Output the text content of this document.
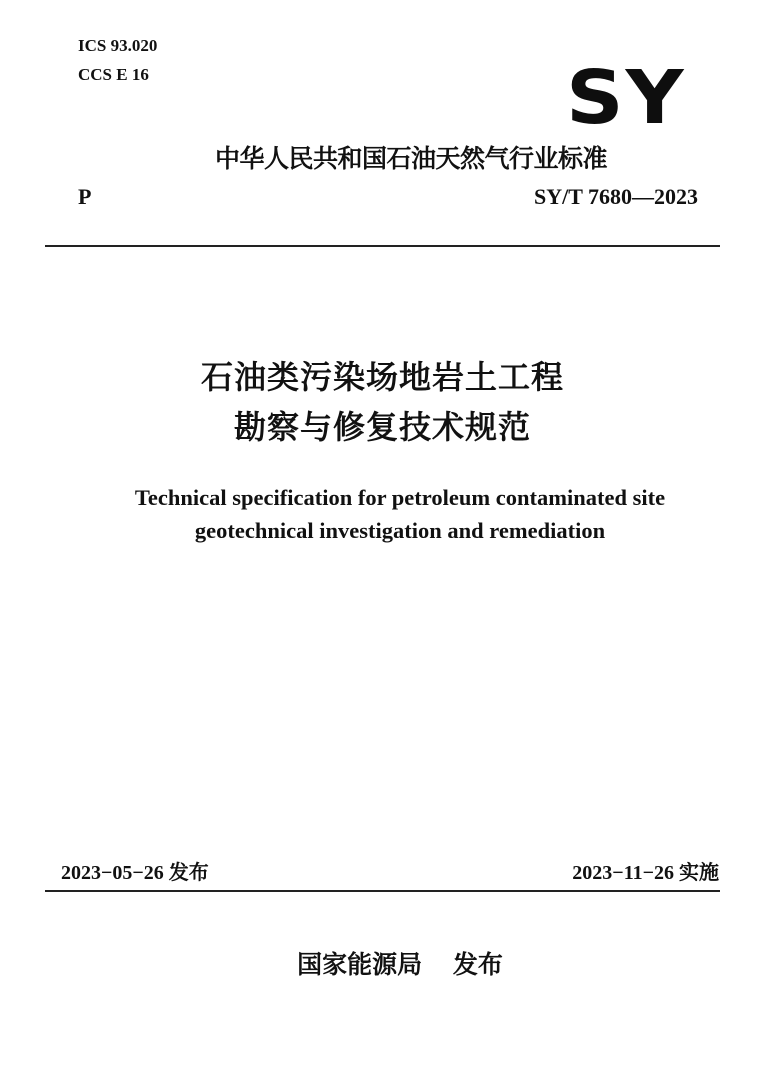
ICS 93.020
CCS E 16	SY
中华人民共和国石油天然气行业标准
P	SY/T 7680—2023
石油类污染场地岩土工程
勘察与修复技术规范
Technical specification for petroleum contaminated site
geotechnical investigation and remediation
2023−05−26 发布	2023−11−26 实施
国家能源局 发布
